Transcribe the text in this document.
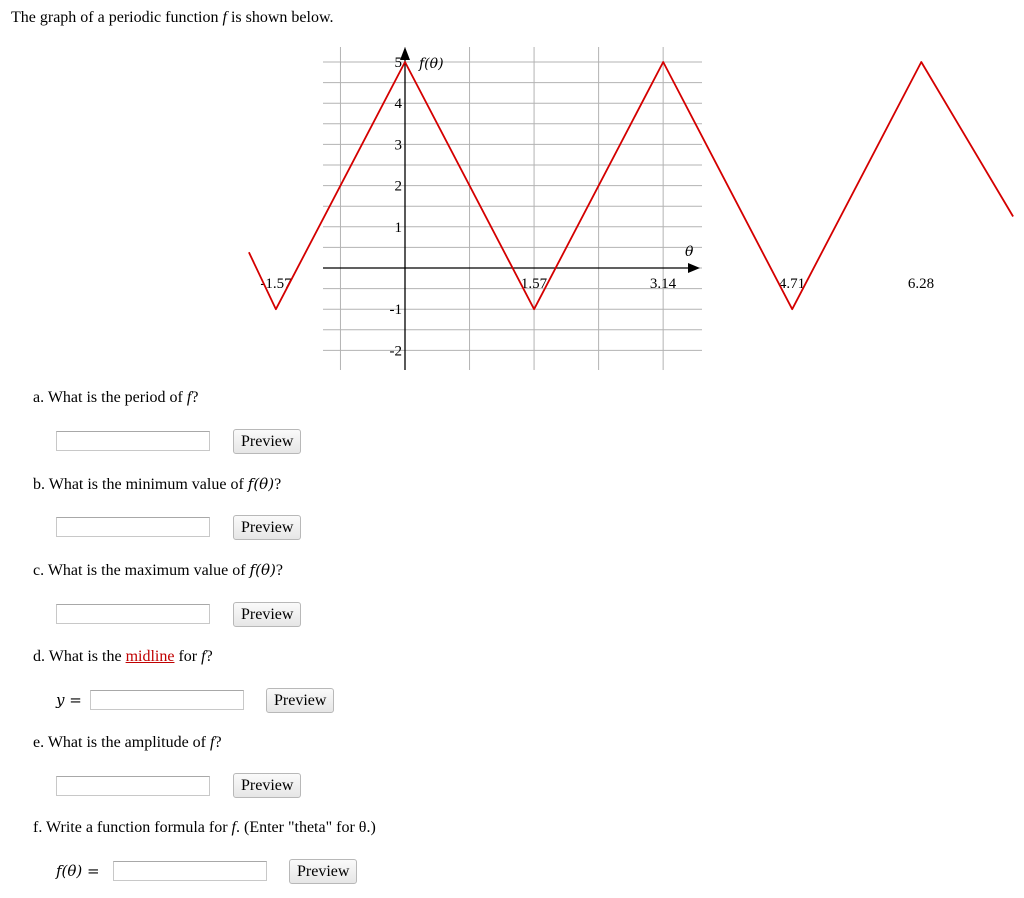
The graph of a periodic function f is shown below.
θ
f(θ)
-1.57	1.57	3.14	4.71	6.28
-2
-1
1
2
3
4
5
a. What is the period of f?
Preview
b. What is the minimum value of f(θ)?
Preview
c. What is the maximum value of f(θ)?
Preview
d. What is the midline for f?
y =	Preview
e. What is the amplitude of f?
Preview
f. Write a function formula for f. (Enter "theta" for θ.)
f(θ) =	Preview
